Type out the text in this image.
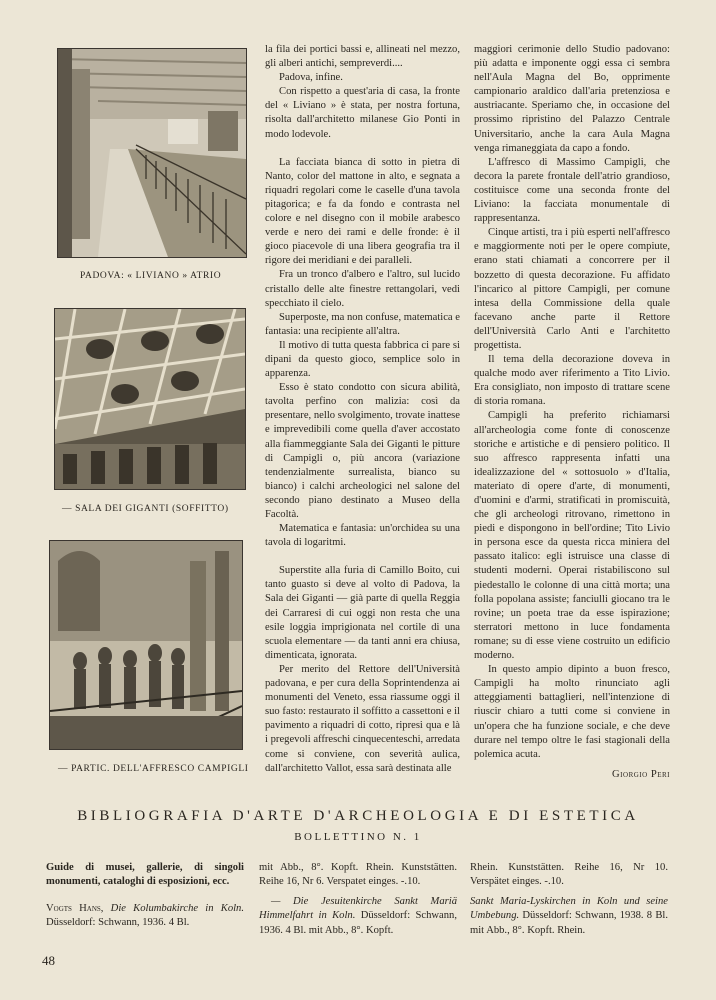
PADOVA: « LIVIANO » ATRIO
— SALA DEI GIGANTI (SOFFITTO)
— PARTIC. DELL'AFFRESCO CAMPIGLI

la fila dei portici bassi e, allineati nel mezzo, gli alberi antichi, sempreverdi....

Padova, infine.

Con rispetto a quest'aria di casa, la fronte del « Liviano » è stata, per nostra fortuna, risolta dall'architetto milanese Gio Ponti in modo lodevole.

La facciata bianca di sotto in pietra di Nanto, color del mattone in alto, e segnata a riquadri regolari come le caselle d'una tavola pitagorica; e fa da fondo e contrasta nel colore e nel disegno con il mobile arabesco verde e nero dei rami e delle fronde: è il gioco piacevole di una libera geografia tra il rigore dei meridiani e dei paralleli.

Fra un tronco d'albero e l'altro, sul lucido cristallo delle alte finestre rettangolari, vedi specchiato il cielo.

Superposte, ma non confuse, matematica e fantasia: una recipiente all'altra.

Il motivo di tutta questa fabbrica ci pare si dipani da questo gioco, semplice solo in apparenza.

Esso è stato condotto con sicura abilità, tavolta perfino con malizia: così da presentare, nello svolgimento, trovate inattese e imprevedibili come quella d'aver accostato alla fiammeggiante Sala dei Giganti le pitture di Campigli o, più ancora (variazione tendenzialmente surrealista, bianco su bianco) i calchi archeologici nel salone del secondo piano destinato a Museo della Facoltà.

Matematica e fantasia: un'orchidea su una tavola di logaritmi.

Superstite alla furia di Camillo Boito, cui tanto guasto si deve al volto di Padova, la Sala dei Giganti — già parte di quella Reggia dei Carraresi di cui oggi non resta che una esile loggia imprigionata nel cortile di una scuola elementare — da tanti anni era chiusa, dimenticata, ignorata.

Per merito del Rettore dell'Università padovana, e per cura della Soprintendenza ai monumenti del Veneto, essa riassume oggi il suo fasto: restaurato il soffitto a cassettoni e il pavimento a riquadri di cotto, ripresi qua e là i pregevoli affreschi cinquecenteschi, arredata come si conviene, con severità aulica, dall'architetto Vallot, essa sarà destinata alle

maggiori cerimonie dello Studio padovano: più adatta e imponente oggi essa ci sembra nell'Aula Magna del Bo, opprimente campionario araldico dall'aria pretenziosa e austriacante. Speriamo che, in occasione del prossimo ripristino del Palazzo Centrale Universitario, anche la cara Aula Magna venga rimaneggiata da capo a fondo.

L'affresco di Massimo Campigli, che decora la parete frontale dell'atrio grandioso, costituisce come una seconda fronte del Liviano: la facciata monumentale di rappresentanza.

Cinque artisti, tra i più esperti nell'affresco e maggiormente noti per le opere compiute, erano stati chiamati a concorrere per il bozzetto di questa decorazione. Fu affidato l'incarico al pittore Campigli, per comune intesa della Commissione della quale facevano anche parte il Rettore dell'Università Carlo Anti e l'architetto progettista.

Il tema della decorazione doveva in qualche modo aver riferimento a Tito Livio. Era consigliato, non imposto di trattare scene di storia romana.

Campigli ha preferito richiamarsi all'archeologia come fonte di conoscenze storiche e artistiche e di pensiero politico. Il suo affresco rappresenta infatti una idealizzazione del « sottosuolo » d'Italia, materiato di opere d'arte, di monumenti, d'uomini e d'armi, stratificati in promiscuità, che gli archeologi ritrovano, rimettono in piedi e dispongono in bell'ordine; Tito Livio in persona esce da questa ricca miniera del passato italico: egli istruisce una classe di studenti moderni. Operai ristabiliscono sul piedestallo le colonne di una città morta; una folla popolana assiste; fanciulli giocano tra le rovine; un poeta trae da esse ispirazione; sterratori mettono in luce fondamenta romane; su di esse viene costruito un edificio moderno.

In questo ampio dipinto a buon fresco, Campigli ha molto rinunciato agli atteggiamenti battaglieri, nell'intenzione di riuscir chiaro a tutti come si conviene in un'opera che ha funzione sociale, e che deve durare nel tempo oltre le fasi stagionali della polemica acuta.

Giorgio Peri
BIBLIOGRAFIA D'ARTE D'ARCHEOLOGIA E DI ESTETICA
BOLLETTINO N. 1

Guide di musei, gallerie, di singoli monumenti, cataloghi di esposizioni, ecc.

Vogts Hans, Die Kolumbakirche in Koln. Düsseldorf: Schwann, 1936. 4 Bl.

mit Abb., 8°. Kopft. Rhein. Kunststätten. Reihe 16, Nr 6. Verspatet einges. -.10.

— Die Jesuitenkirche Sankt Mariä Himmelfahrt in Koln. Düsseldorf: Schwann, 1936. 4 Bl. mit Abb., 8°. Kopft.

Rhein. Kunststätten. Reihe 16, Nr 10. Verspätet einges. -.10.

Sankt Maria-Lyskirchen in Koln und seine Umbebung. Düsseldorf: Schwann, 1938. 8 Bl. mit Abb., 8°. Kopft. Rhein.

48
